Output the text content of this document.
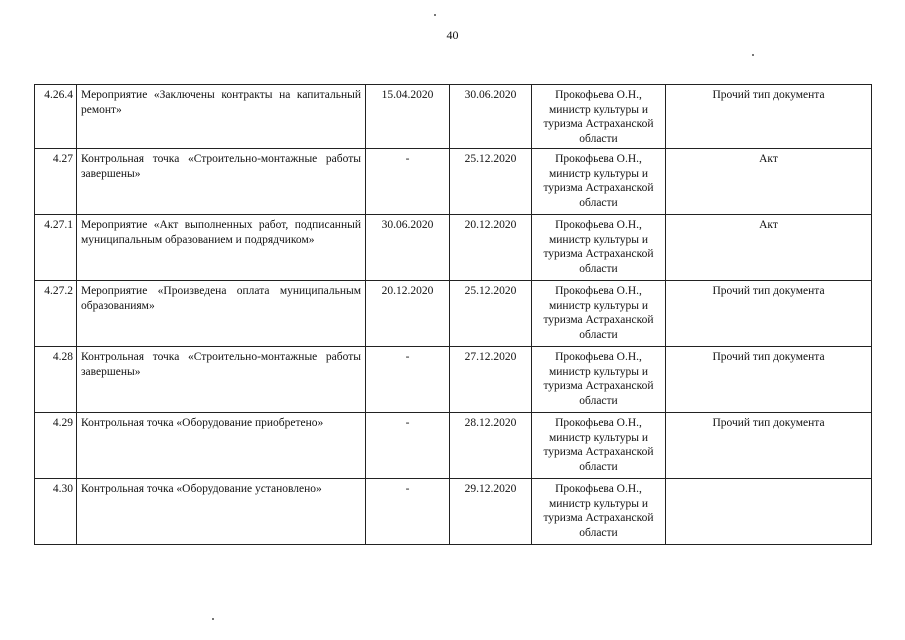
40
4.26.4	Мероприятие «Заключены контракты на капитальный ремонт»	15.04.2020	30.06.2020	Прокофьева О.Н., министр культуры и туризма Астраханской области	Прочий тип документа
4.27	Контрольная точка «Строительно-монтажные работы завершены»	-	25.12.2020	Прокофьева О.Н., министр культуры и туризма Астраханской области	Акт
4.27.1	Мероприятие «Акт выполненных работ, подписанный муниципальным образованием и подрядчиком»	30.06.2020	20.12.2020	Прокофьева О.Н., министр культуры и туризма Астраханской области	Акт
4.27.2	Мероприятие «Произведена оплата муниципальным образованиям»	20.12.2020	25.12.2020	Прокофьева О.Н., министр культуры и туризма Астраханской области	Прочий тип документа
4.28	Контрольная точка «Строительно-монтажные работы завершены»	-	27.12.2020	Прокофьева О.Н., министр культуры и туризма Астраханской области	Прочий тип документа
4.29	Контрольная точка «Оборудование приобретено»	-	28.12.2020	Прокофьева О.Н., министр культуры и туризма Астраханской области	Прочий тип документа
4.30	Контрольная точка «Оборудование установлено»	-	29.12.2020	Прокофьева О.Н., министр культуры и туризма Астраханской области	
